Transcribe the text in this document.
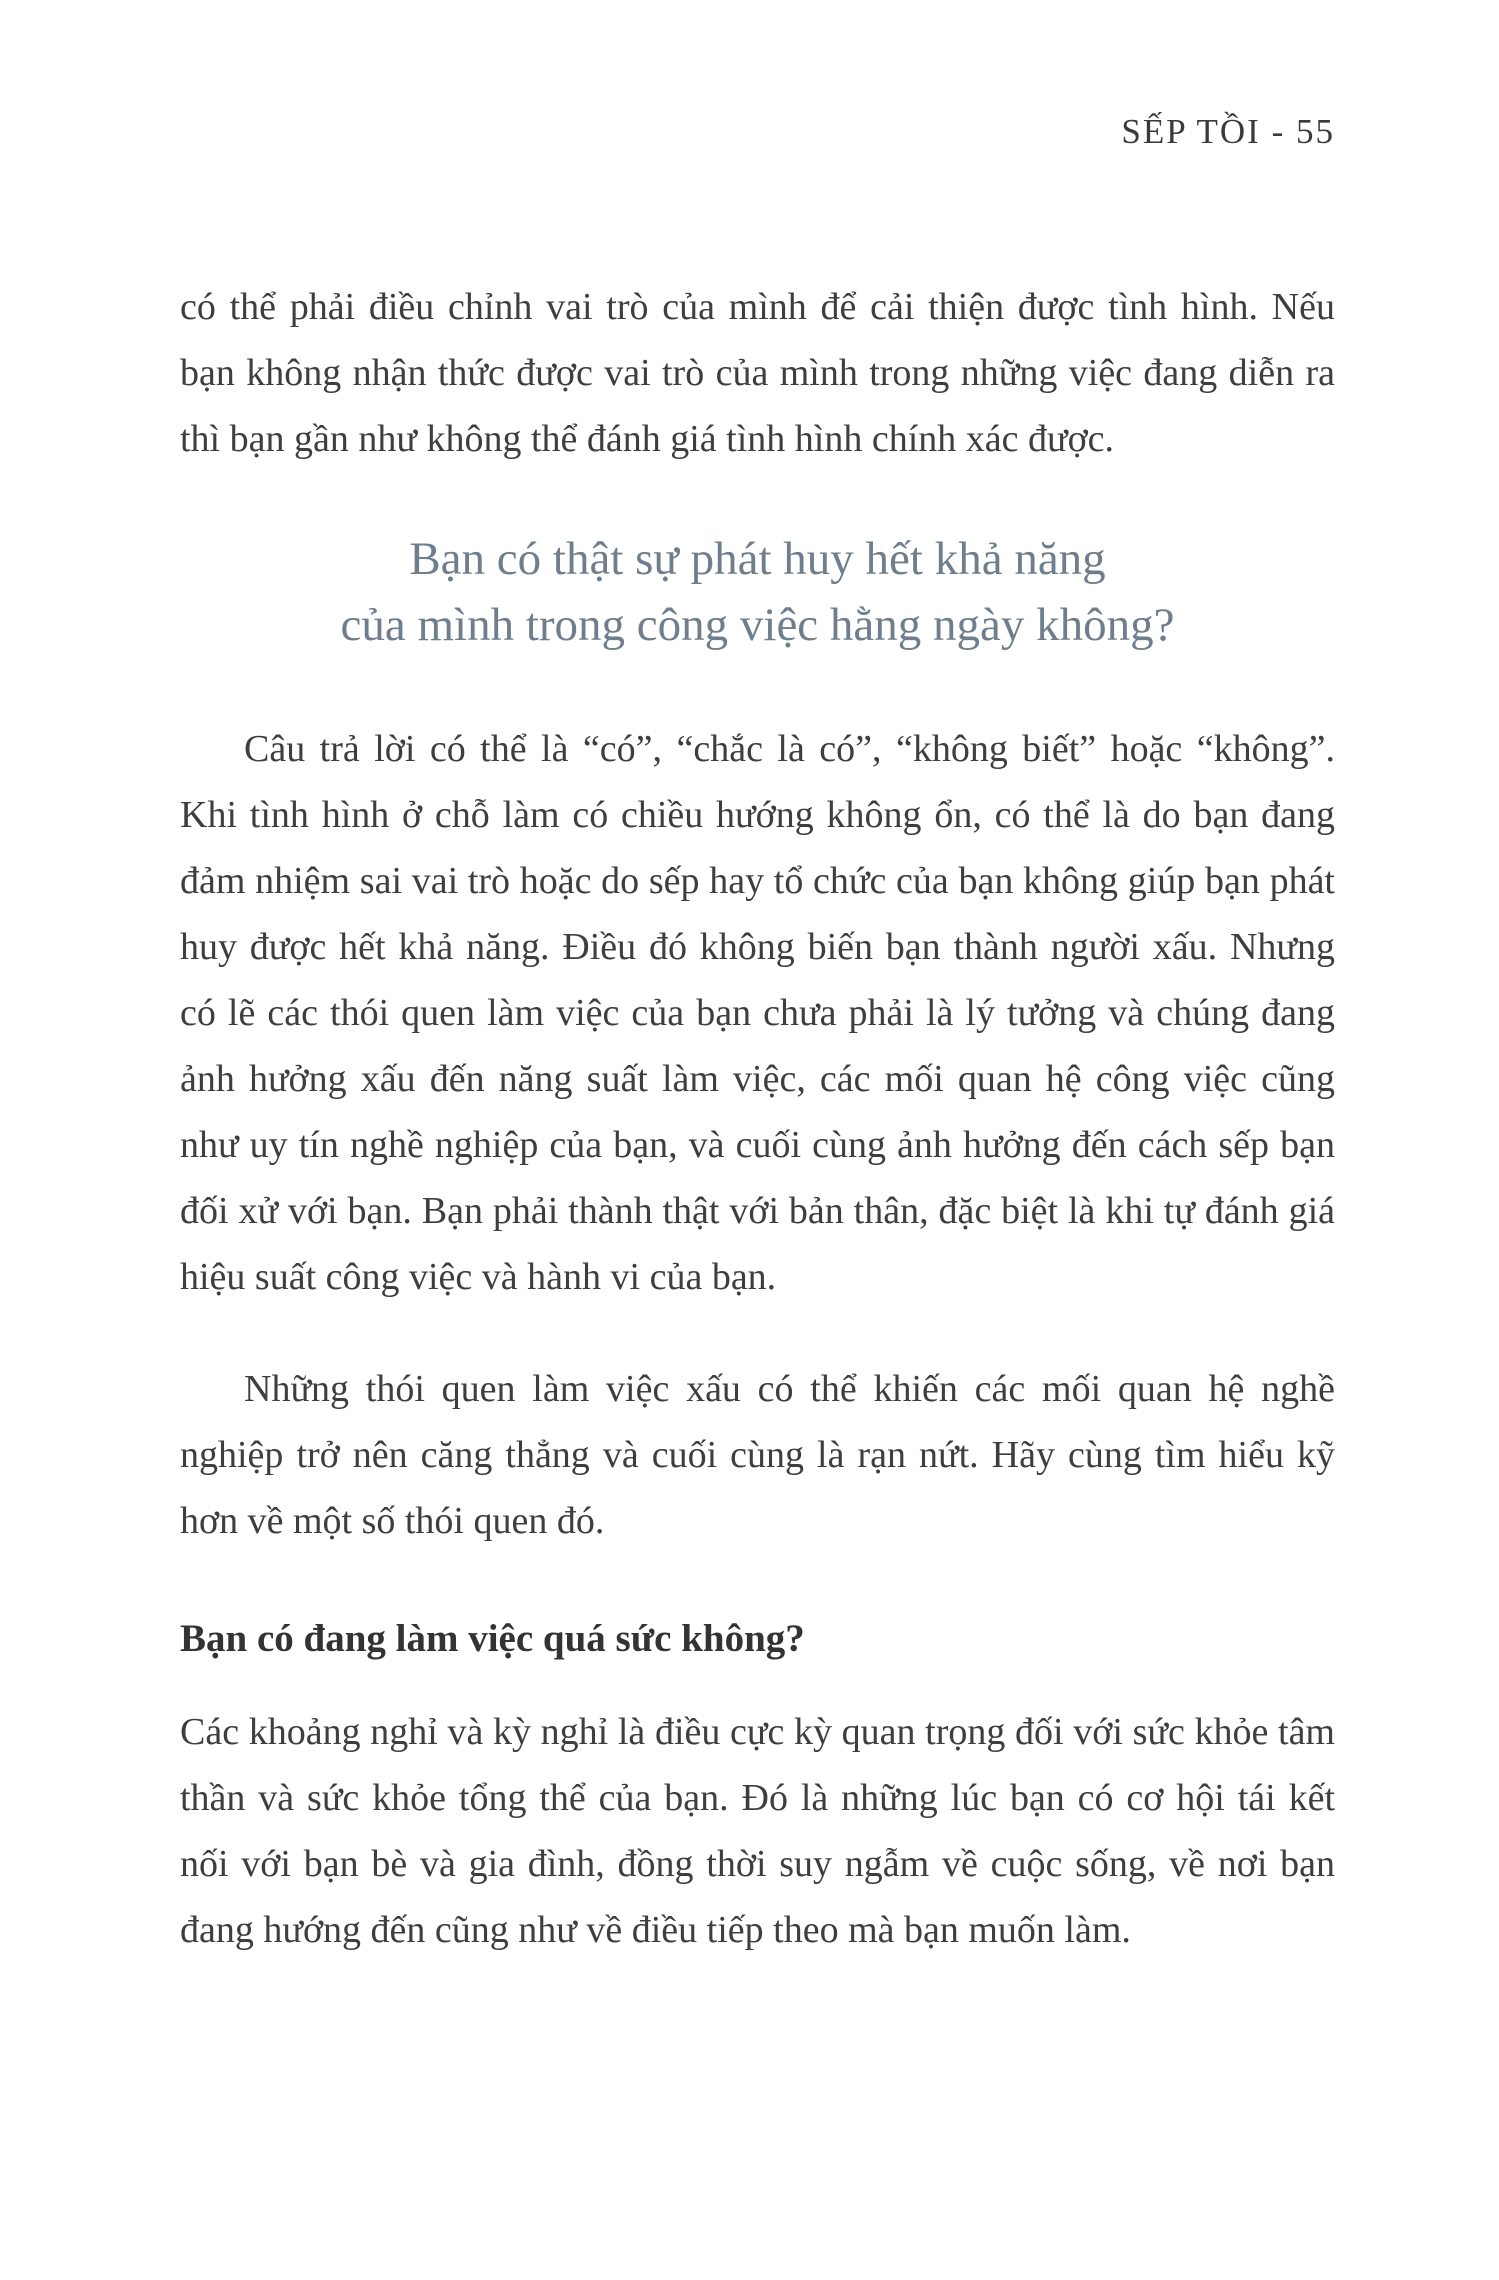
SẾP TỒI - 55

có thể phải điều chỉnh vai trò của mình để cải thiện được tình hình. Nếu bạn không nhận thức được vai trò của mình trong những việc đang diễn ra thì bạn gần như không thể đánh giá tình hình chính xác được.

Bạn có thật sự phát huy hết khả năng
của mình trong công việc hằng ngày không?

Câu trả lời có thể là “có”, “chắc là có”, “không biết” hoặc “không”. Khi tình hình ở chỗ làm có chiều hướng không ổn, có thể là do bạn đang đảm nhiệm sai vai trò hoặc do sếp hay tổ chức của bạn không giúp bạn phát huy được hết khả năng. Điều đó không biến bạn thành người xấu. Nhưng có lẽ các thói quen làm việc của bạn chưa phải là lý tưởng và chúng đang ảnh hưởng xấu đến năng suất làm việc, các mối quan hệ công việc cũng như uy tín nghề nghiệp của bạn, và cuối cùng ảnh hưởng đến cách sếp bạn đối xử với bạn. Bạn phải thành thật với bản thân, đặc biệt là khi tự đánh giá hiệu suất công việc và hành vi của bạn.

Những thói quen làm việc xấu có thể khiến các mối quan hệ nghề nghiệp trở nên căng thẳng và cuối cùng là rạn nứt. Hãy cùng tìm hiểu kỹ hơn về một số thói quen đó.

Bạn có đang làm việc quá sức không?

Các khoảng nghỉ và kỳ nghỉ là điều cực kỳ quan trọng đối với sức khỏe tâm thần và sức khỏe tổng thể của bạn. Đó là những lúc bạn có cơ hội tái kết nối với bạn bè và gia đình, đồng thời suy ngẫm về cuộc sống, về nơi bạn đang hướng đến cũng như về điều tiếp theo mà bạn muốn làm.
